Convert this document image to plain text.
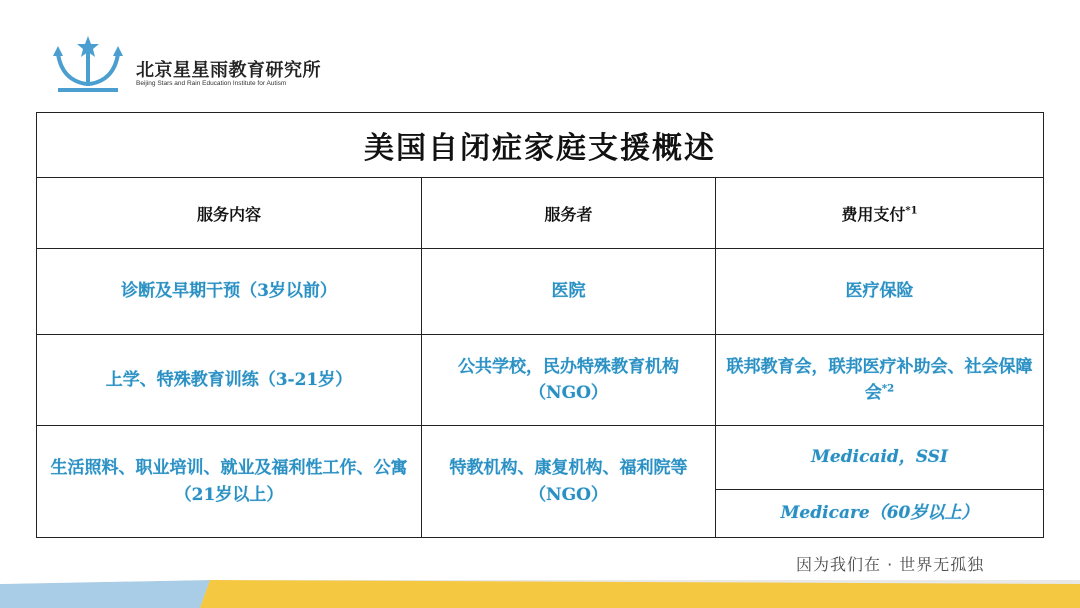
北京星星雨教育研究所
Beijing Stars and Rain Education Institute for Autism
美国自闭症家庭支援概述		
服务内容	服务者	费用支付$^{*1}$
诊断及早期干预（3岁以前）	医院	医疗保险
上学、特殊教育训练（3-21岁）	公共学校，民办特殊教育机构（NGO）	联邦教育会，联邦医疗补助会、社会保障会$^{*2}$
生活照料、职业培训、就业及福利性工作、公寓（21岁以上）	特教机构、康复机构、福利院等（NGO）	Medicaid，SSI
		Medicare（60岁以上）
因为我们在 · 世界无孤独
